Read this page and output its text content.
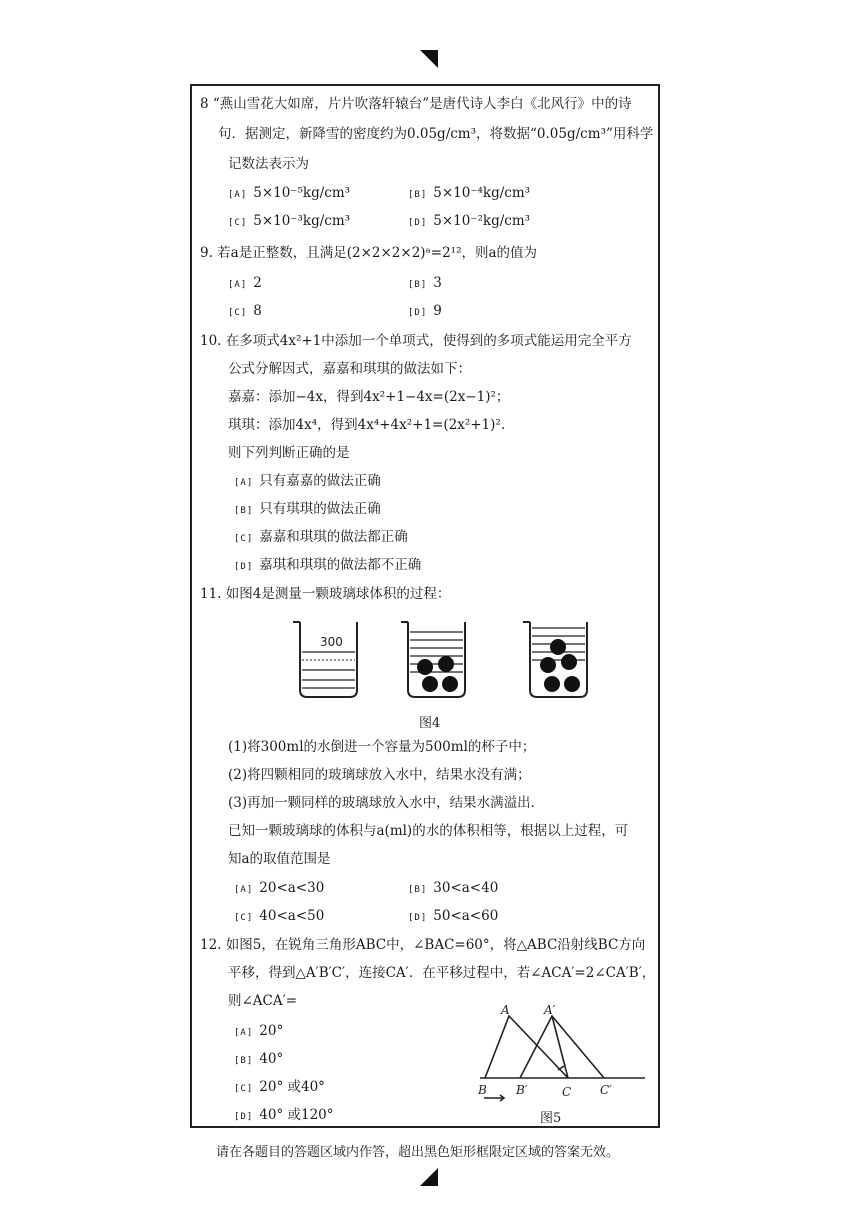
8 “燕山雪花大如席，片片吹落轩辕台”是唐代诗人李白《北风行》中的诗
句．据测定，新降雪的密度约为0.05g/cm³，将数据“0.05g/cm³”用科学
记数法表示为
[A] 5×10⁻⁵kg/cm³	[B] 5×10⁻⁴kg/cm³
[C] 5×10⁻³kg/cm³	[D] 5×10⁻²kg/cm³
9. 若a是正整数，且满足(2×2×2×2)ᵃ=2¹²，则a的值为
[A] 2	[B] 3
[C] 8	[D] 9
10. 在多项式4x²+1中添加一个单项式，使得到的多项式能运用完全平方
公式分解因式，嘉嘉和琪琪的做法如下：
嘉嘉：添加−4x，得到4x²+1−4x=(2x−1)²；
琪琪：添加4x⁴，得到4x⁴+4x²+1=(2x²+1)².
则下列判断正确的是
[A] 只有嘉嘉的做法正确
[B] 只有琪琪的做法正确
[C] 嘉嘉和琪琪的做法都正确
[D] 嘉琪和琪琪的做法都不正确
11. 如图4是测量一颗玻璃球体积的过程：
300
图4
(1)将300ml的水倒进一个容量为500ml的杯子中；
(2)将四颗相同的玻璃球放入水中，结果水没有满；
(3)再加一颗同样的玻璃球放入水中，结果水满溢出．
已知一颗玻璃球的体积与a(ml)的水的体积相等，根据以上过程，可
知a的取值范围是
[A] 20<a<30	[B] 30<a<40
[C] 40<a<50	[D] 50<a<60
12. 如图5，在锐角三角形ABC中，∠BAC=60°，将△ABC沿射线BC方向
平移，得到△A′B′C′，连接CA′．在平移过程中，若∠ACA′=2∠CA′B′，
则∠ACA′=
[A] 20°
[B] 40°
[C] 20° 或40°
[D] 40° 或120°
A	A′
B B′	C C′
图5
请在各题目的答题区域内作答，超出黑色矩形框限定区域的答案无效。
